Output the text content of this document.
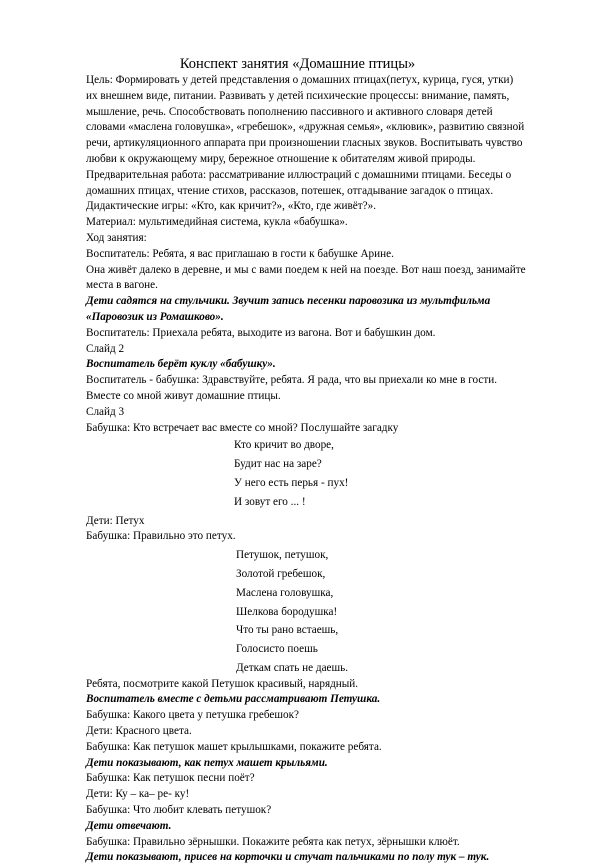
Конспект занятия «Домашние птицы»

Цель: Формировать у детей представления о домашних птицах(петух, курица, гуся, утки) их внешнем виде, питании. Развивать у детей психические процессы: внимание, память, мышление, речь. Способствовать пополнению пассивного и активного словаря детей словами «маслена головушка», «гребешок», «дружная семья», «клювик», развитию связной речи, артикуляционного аппарата при произношении гласных звуков. Воспитывать чувство любви к окружающему миру, бережное отношение к обитателям живой природы.

Предварительная работа: рассматривание иллюстраций с домашними птицами. Беседы о домашних птицах, чтение стихов, рассказов, потешек, отгадывание загадок о птицах.

Дидактические игры: «Кто, как кричит?», «Кто, где живёт?».

Материал: мультимедийная система, кукла «бабушка».

Ход занятия:

Воспитатель: Ребята, я вас приглашаю в гости к бабушке Арине.

Она живёт далеко в деревне, и мы с вами поедем к ней на поезде. Вот наш поезд, занимайте места в вагоне.

Дети садятся на стульчики. Звучит запись песенки паровозика из мультфильма «Паровозик из Ромашково».

Воспитатель: Приехала ребята, выходите из вагона. Вот и бабушкин дом.

Слайд 2

Воспитатель берёт куклу «бабушку».

Воспитатель - бабушка: Здравствуйте, ребята. Я рада, что вы приехали ко мне в гости.

Вместе со мной живут домашние птицы.

Слайд 3

Бабушка: Кто встречает вас вместе со мной? Послушайте загадку

Кто кричит во дворе,

Будит нас на заре?

У него есть перья - пух!

И зовут его ... !

Дети: Петух

Бабушка: Правильно это петух.

Петушок, петушок,

Золотой гребешок,

Маслена головушка,

Шелкова бородушка!

Что ты рано встаешь,

Голосисто поешь

Деткам спать не даешь.

Ребята, посмотрите какой Петушок красивый, нарядный.

Воспитатель вместе с детьми рассматривают Петушка.

Бабушка: Какого цвета у петушка гребешок?

Дети: Красного цвета.

Бабушка: Как петушок машет крылышками, покажите ребята.

Дети показывают, как петух машет крыльями.

Бабушка: Как петушок песни поёт?

Дети: Ку – ка– ре- ку!

Бабушка: Что любит клевать петушок?

Дети отвечают.

Бабушка: Правильно зёрнышки. Покажите ребята как петух, зёрнышки клюёт.

Дети показывают, присев на корточки и стучат пальчиками по полу тук – тук.
